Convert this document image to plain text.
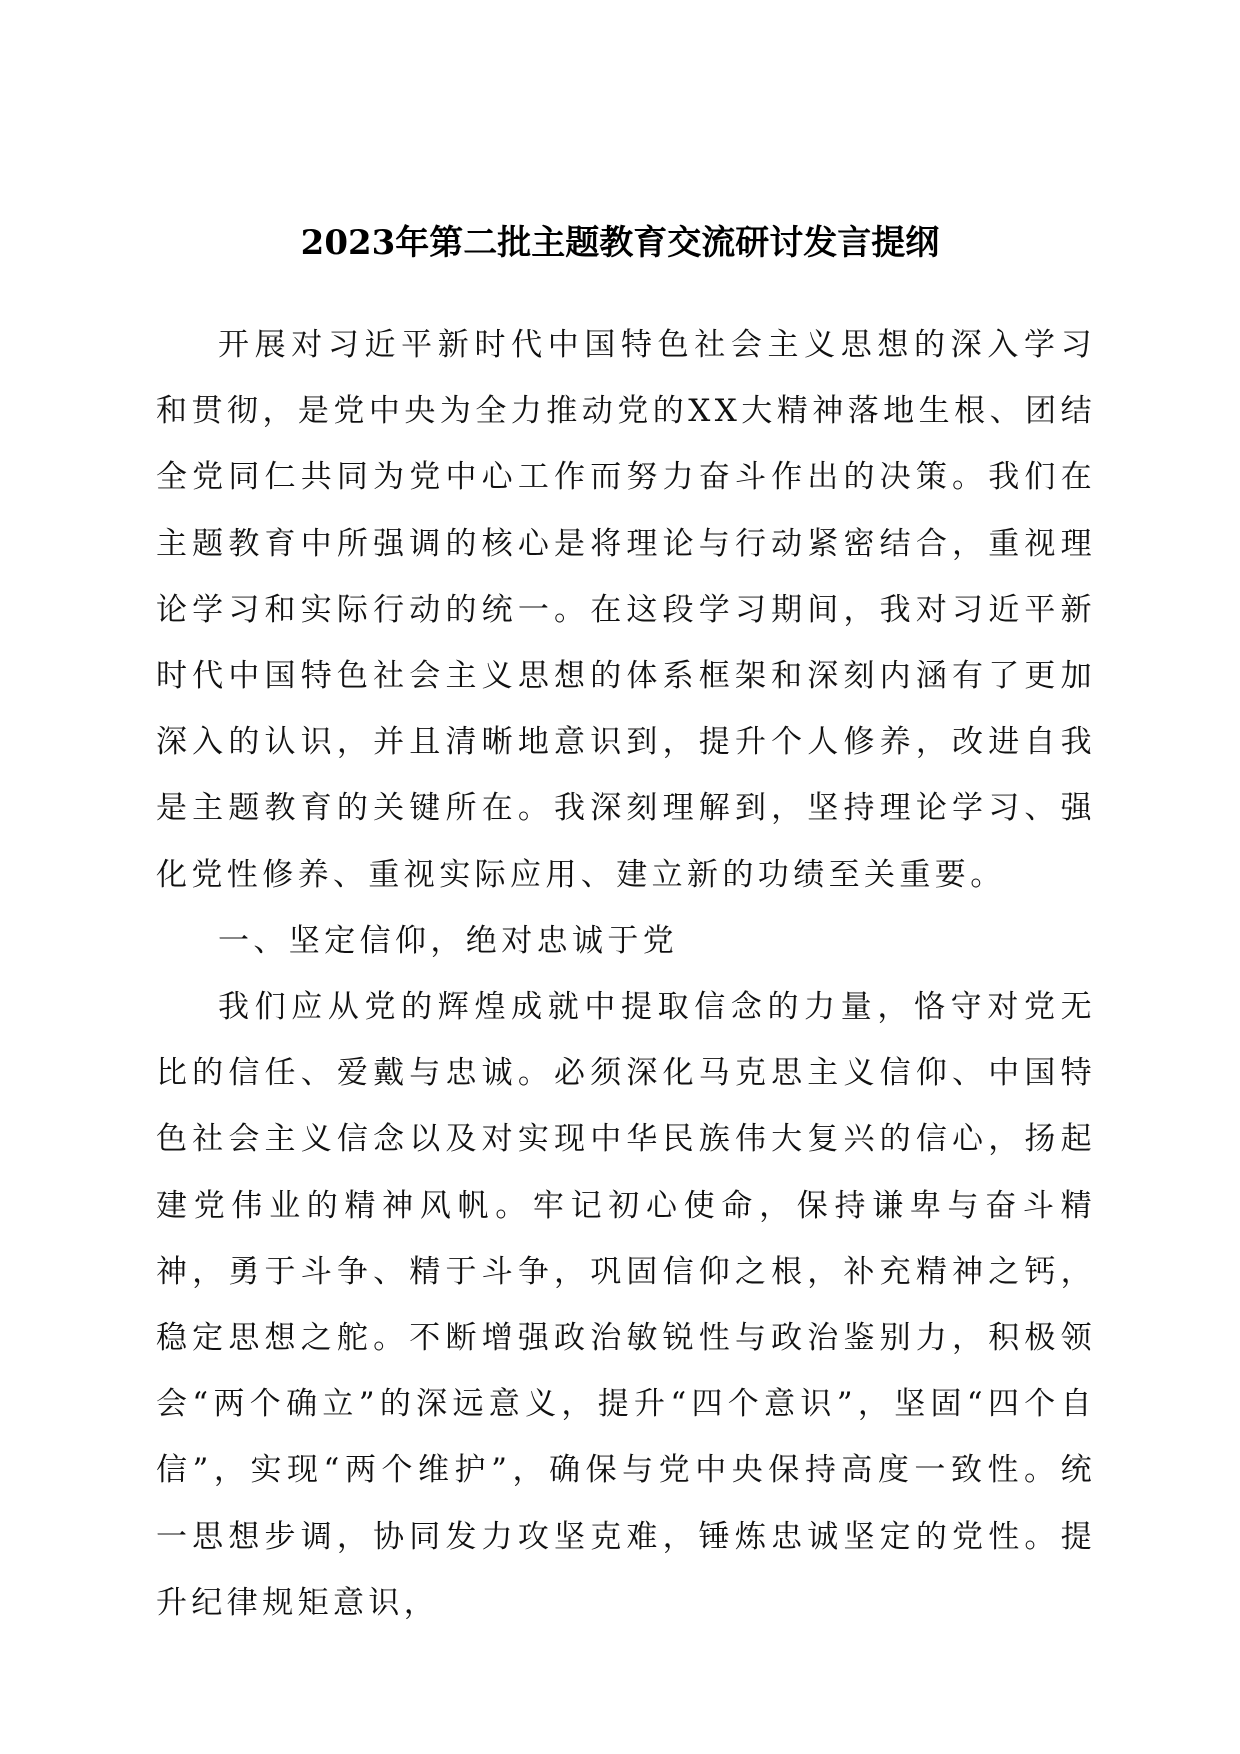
2023年第二批主题教育交流研讨发言提纲

开展对习近平新时代中国特色社会主义思想的深入学习和贯彻，是党中央为全力推动党的XX大精神落地生根、团结全党同仁共同为党中心工作而努力奋斗作出的决策。我们在主题教育中所强调的核心是将理论与行动紧密结合，重视理论学习和实际行动的统一。在这段学习期间，我对习近平新时代中国特色社会主义思想的体系框架和深刻内涵有了更加深入的认识，并且清晰地意识到，提升个人修养，改进自我是主题教育的关键所在。我深刻理解到，坚持理论学习、强化党性修养、重视实际应用、建立新的功绩至关重要。

一、坚定信仰，绝对忠诚于党

我们应从党的辉煌成就中提取信念的力量，恪守对党无比的信任、爱戴与忠诚。必须深化马克思主义信仰、中国特色社会主义信念以及对实现中华民族伟大复兴的信心，扬起建党伟业的精神风帆。牢记初心使命，保持谦卑与奋斗精神，勇于斗争、精于斗争，巩固信仰之根，补充精神之钙，稳定思想之舵。不断增强政治敏锐性与政治鉴别力，积极领会“两个确立”的深远意义，提升“四个意识”，坚固“四个自信”，实现“两个维护”，确保与党中央保持高度一致性。统一思想步调，协同发力攻坚克难，锤炼忠诚坚定的党性。提升纪律规矩意识，
